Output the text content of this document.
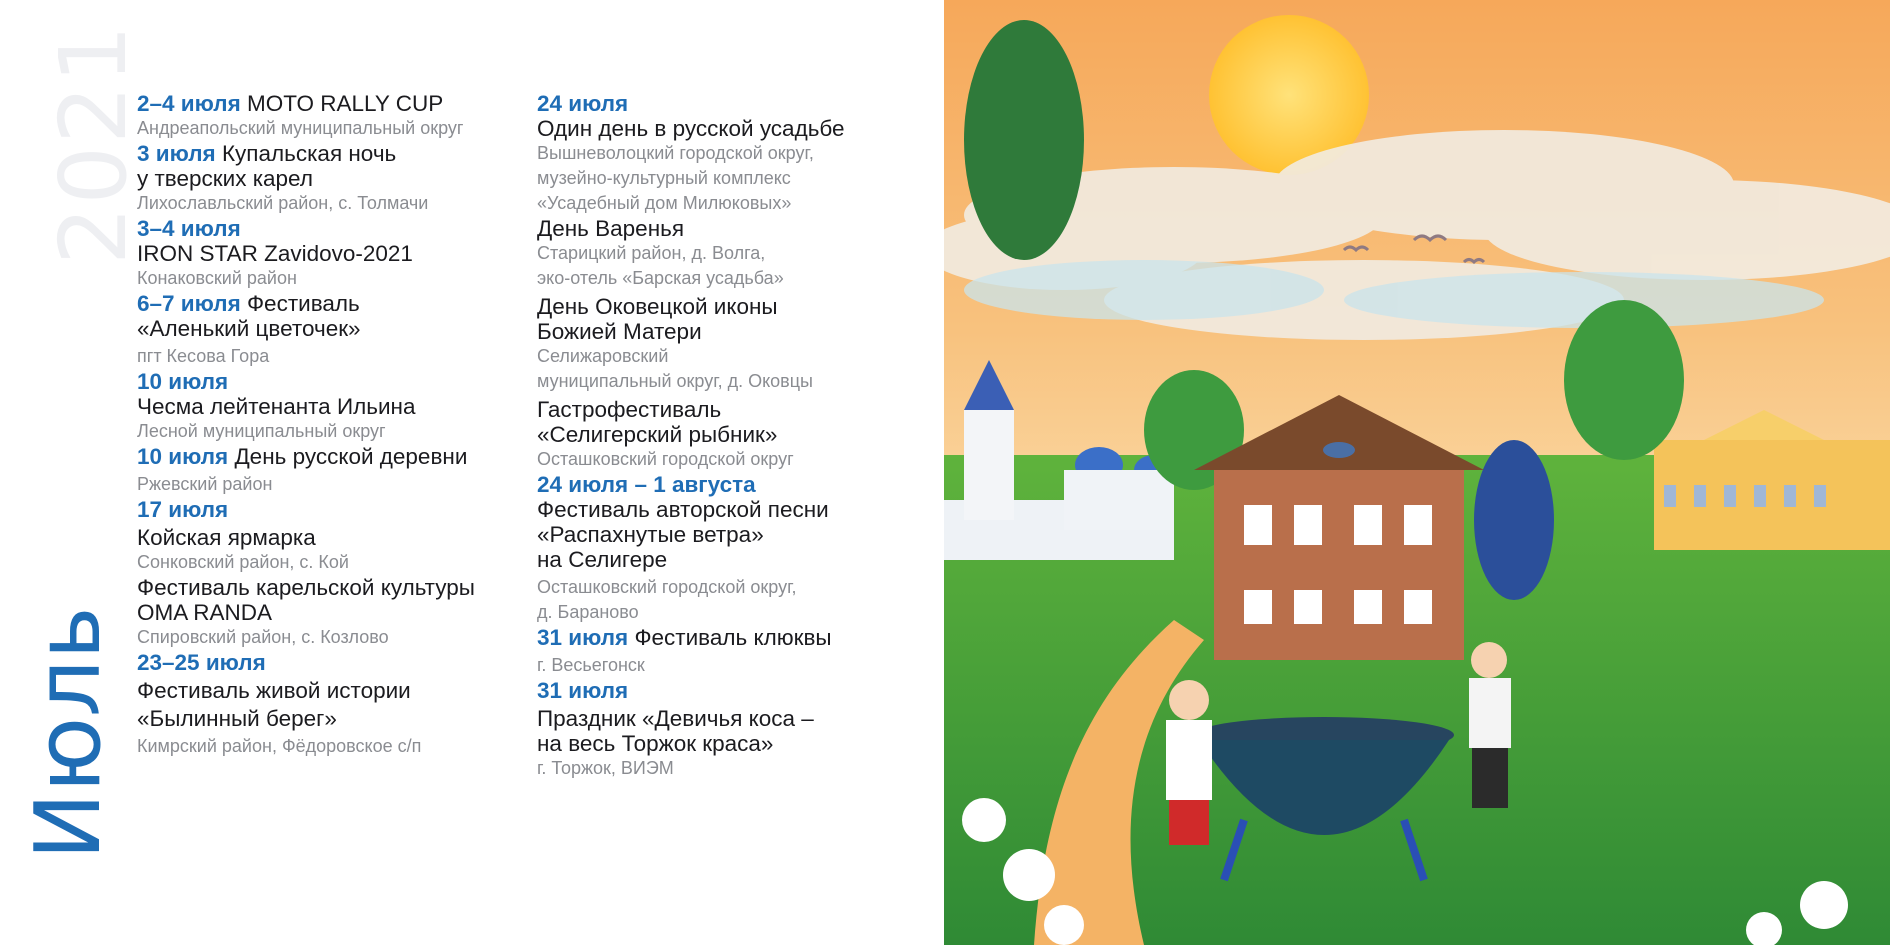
2021
Июль
2–4 июля MOTO RALLY CUP
Андреапольский муниципальный округ
3 июля Купальская ночь
у тверских карел
Лихославльский район, с. Толмачи
3–4 июля
IRON STAR Zavidovo-2021
Конаковский район
6–7 июля Фестиваль
«Аленький цветочек»
пгт Кесова Гора
10 июля
Чесма лейтенанта Ильина
Лесной муниципальный округ
10 июля День русской деревни
Ржевский район
17 июля
Койская ярмарка
Сонковский район, с. Кой
Фестиваль карельской культуры
OMA RANDA
Спировский район, с. Козлово
23–25 июля
Фестиваль живой истории
«Былинный берег»
Кимрский район, Фёдоровское с/п
24 июля
Один день в русской усадьбе
Вышневолоцкий городской округ,
музейно-культурный комплекс
«Усадебный дом Милюковых»
День Варенья
Старицкий район, д. Волга,
эко-отель «Барская усадьба»
День Оковецкой иконы
Божией Матери
Селижаровский
муниципальный округ, д. Оковцы
Гастрофестиваль
«Селигерский рыбник»
Осташковский городской округ
24 июля – 1 августа
Фестиваль авторской песни
«Распахнутые ветра»
на Селигере
Осташковский городской округ,
д. Бараново
31 июля Фестиваль клюквы
г. Весьегонск
31 июля
Праздник «Девичья коса –
на весь Торжок краса»
г. Торжок, ВИЭМ
